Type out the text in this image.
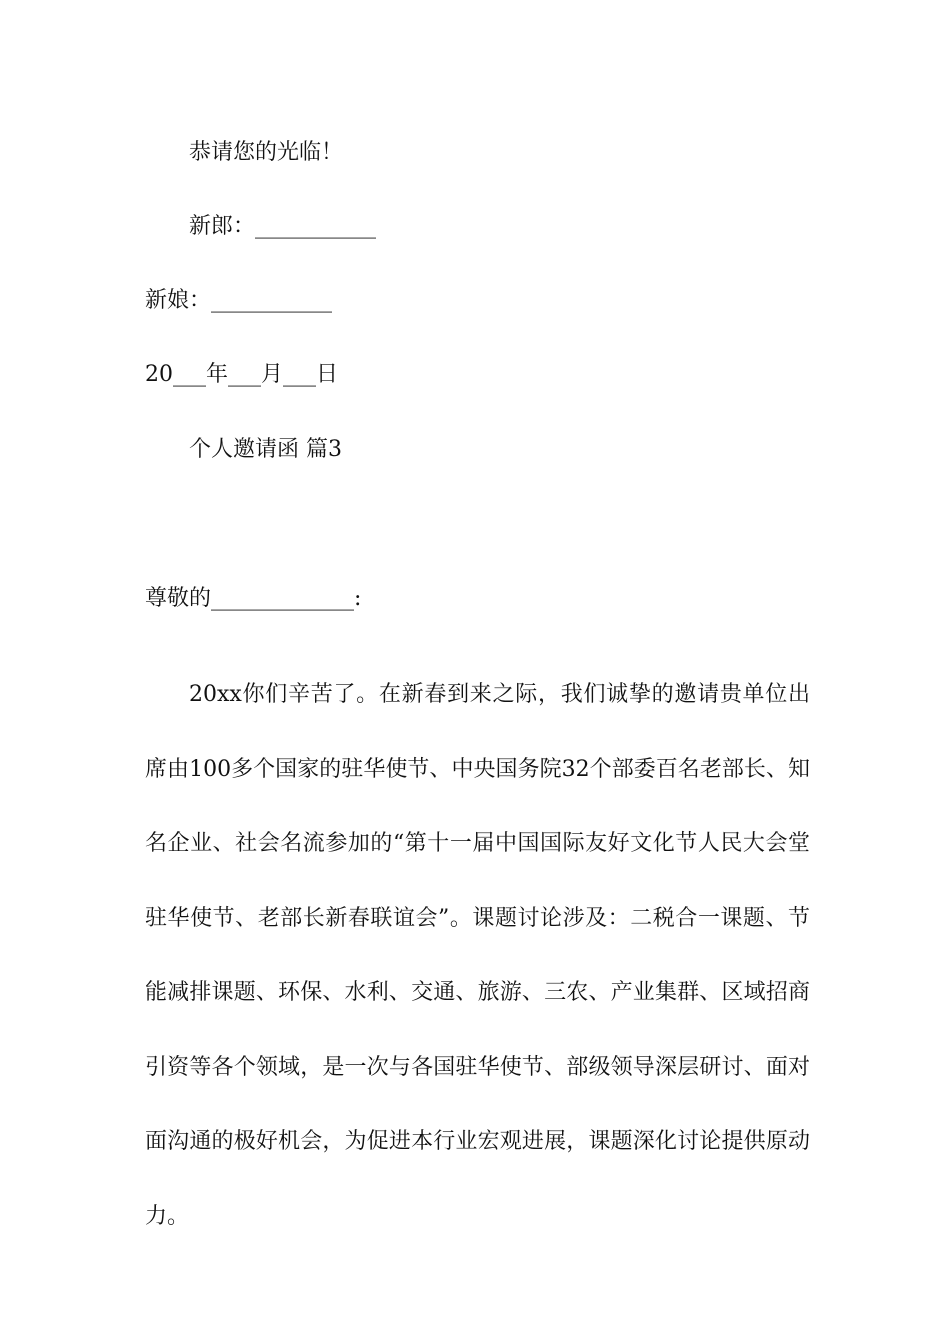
恭请您的光临！
新郎：___________
新娘：___________
20___年___月___日
个人邀请函 篇3
尊敬的_____________:

20xx你们辛苦了。在新春到来之际，我们诚挚的邀请贵单位出席由100多个国家的驻华使节、中央国务院32个部委百名老部长、知名企业、社会名流参加的“第十一届中国国际友好文化节人民大会堂驻华使节、老部长新春联谊会”。课题讨论涉及：二税合一课题、节能减排课题、环保、水利、交通、旅游、三农、产业集群、区域招商引资等各个领域，是一次与各国驻华使节、部级领导深层研讨、面对面沟通的极好机会，为促进本行业宏观进展，课题深化讨论提供原动力。
